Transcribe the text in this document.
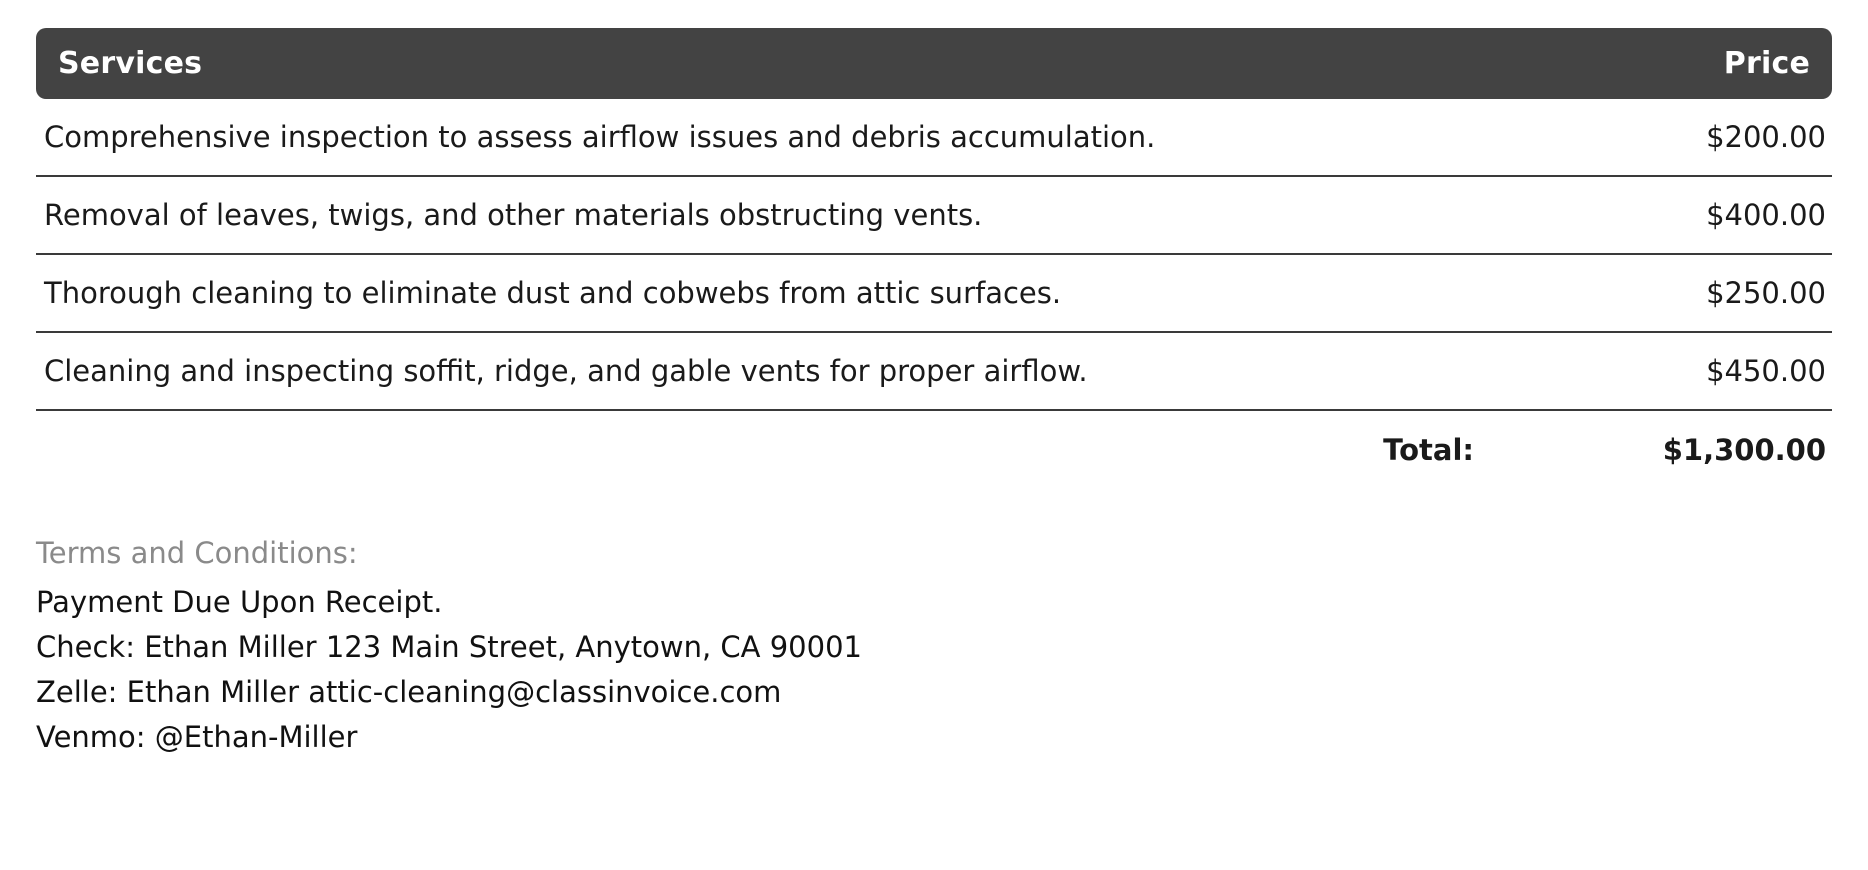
Services	Price
Comprehensive inspection to assess airflow issues and debris accumulation.	$200.00
Removal of leaves, twigs, and other materials obstructing vents.	$400.00
Thorough cleaning to eliminate dust and cobwebs from attic surfaces.	$250.00
Cleaning and inspecting soffit, ridge, and gable vents for proper airflow.	$450.00
Total:	$1,300.00
Terms and Conditions:
Payment Due Upon Receipt.
Check: Ethan Miller 123 Main Street, Anytown, CA 90001
Zelle: Ethan Miller attic-cleaning@classinvoice.com
Venmo: @Ethan-Miller
